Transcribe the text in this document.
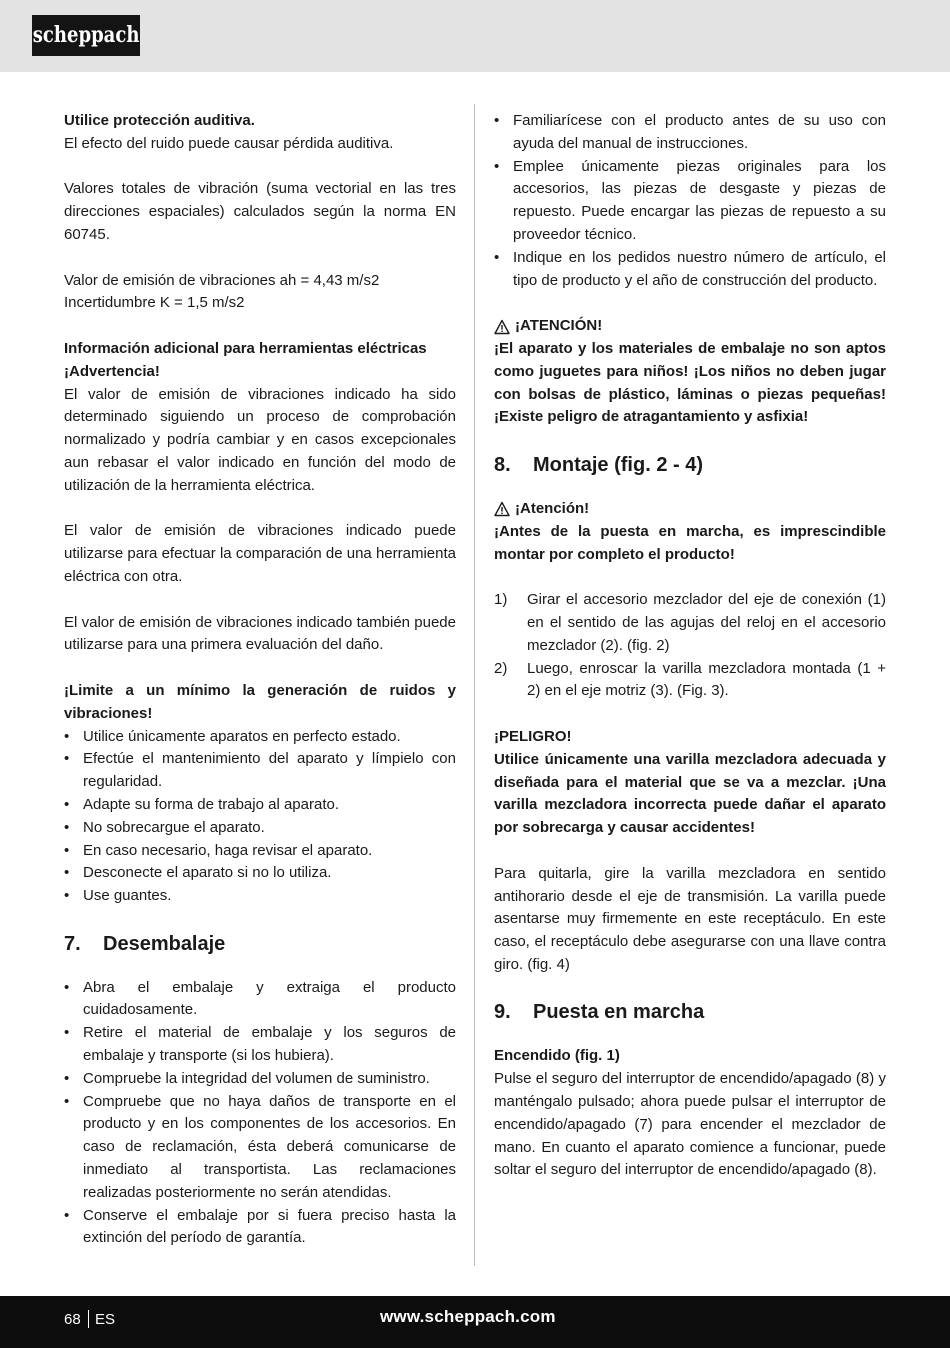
scheppach
Utilice protección auditiva.

El efecto del ruido puede causar pérdida auditiva.

Valores totales de vibración (suma vectorial en las tres direcciones espaciales) calculados según la norma EN 60745.

Valor de emisión de vibraciones ah = 4,43 m/s2

Incertidumbre K = 1,5 m/s2

Información adicional para herramientas eléctricas
¡Advertencia!

El valor de emisión de vibraciones indicado ha sido determinado siguiendo un proceso de comprobación normalizado y podría cambiar y en casos excepcionales aun rebasar el valor indicado en función del modo de utilización de la herramienta eléctrica.

El valor de emisión de vibraciones indicado puede utilizarse para efectuar la comparación de una herramienta eléctrica con otra.

El valor de emisión de vibraciones indicado también puede utilizarse para una primera evaluación del daño.

¡Limite a un mínimo la generación de ruidos y vibraciones!
• Utilice únicamente aparatos en perfecto estado.
• Efectúe el mantenimiento del aparato y límpielo con regularidad.
• Adapte su forma de trabajo al aparato.
• No sobrecargue el aparato.
• En caso necesario, haga revisar el aparato.
• Desconecte el aparato si no lo utiliza.
• Use guantes.
7.	Desembalaje
• Abra el embalaje y extraiga el producto cuidadosamente.
• Retire el material de embalaje y los seguros de embalaje y transporte (si los hubiera).
• Compruebe la integridad del volumen de suministro.
• Compruebe que no haya daños de transporte en el producto y en los componentes de los accesorios. En caso de reclamación, ésta deberá comunicarse de inmediato al transportista. Las reclamaciones realizadas posteriormente no serán atendidas.
• Conserve el embalaje por si fuera preciso hasta la extinción del período de garantía.
• Familiarícese con el producto antes de su uso con ayuda del manual de instrucciones.
• Emplee únicamente piezas originales para los accesorios, las piezas de desgaste y piezas de repuesto. Puede encargar las piezas de repuesto a su proveedor técnico.
• Indique en los pedidos nuestro número de artículo, el tipo de producto y el año de construcción del producto.
¡ATENCIÓN!

¡El aparato y los materiales de embalaje no son aptos como juguetes para niños! ¡Los niños no deben jugar con bolsas de plástico, láminas o piezas pequeñas! ¡Existe peligro de atragantamiento y asfixia!

8.	Montaje (fig. 2 - 4)
¡Atención!

¡Antes de la puesta en marcha, es imprescindible montar por completo el producto!

1) Girar el accesorio mezclador del eje de conexión (1) en el sentido de las agujas del reloj en el accesorio mezclador (2). (fig. 2)
2) Luego, enroscar la varilla mezcladora montada (1 + 2) en el eje motriz (3). (Fig. 3).
¡PELIGRO!

Utilice únicamente una varilla mezcladora adecuada y diseñada para el material que se va a mezclar. ¡Una varilla mezcladora incorrecta puede dañar el aparato por sobrecarga y causar accidentes!

Para quitarla, gire la varilla mezcladora en sentido antihorario desde el eje de transmisión. La varilla puede asentarse muy firmemente en este receptáculo. En este caso, el receptáculo debe asegurarse con una llave contra giro. (fig. 4)

9.	Puesta en marcha
Encendido (fig. 1)

Pulse el seguro del interruptor de encendido/apagado (8) y manténgalo pulsado; ahora puede pulsar el interruptor de encendido/apagado (7) para encender el mezclador de mano. En cuanto el aparato comience a funcionar, puede soltar el seguro del interruptor de encendido/apagado (8).

68 ES	www.scheppach.com
